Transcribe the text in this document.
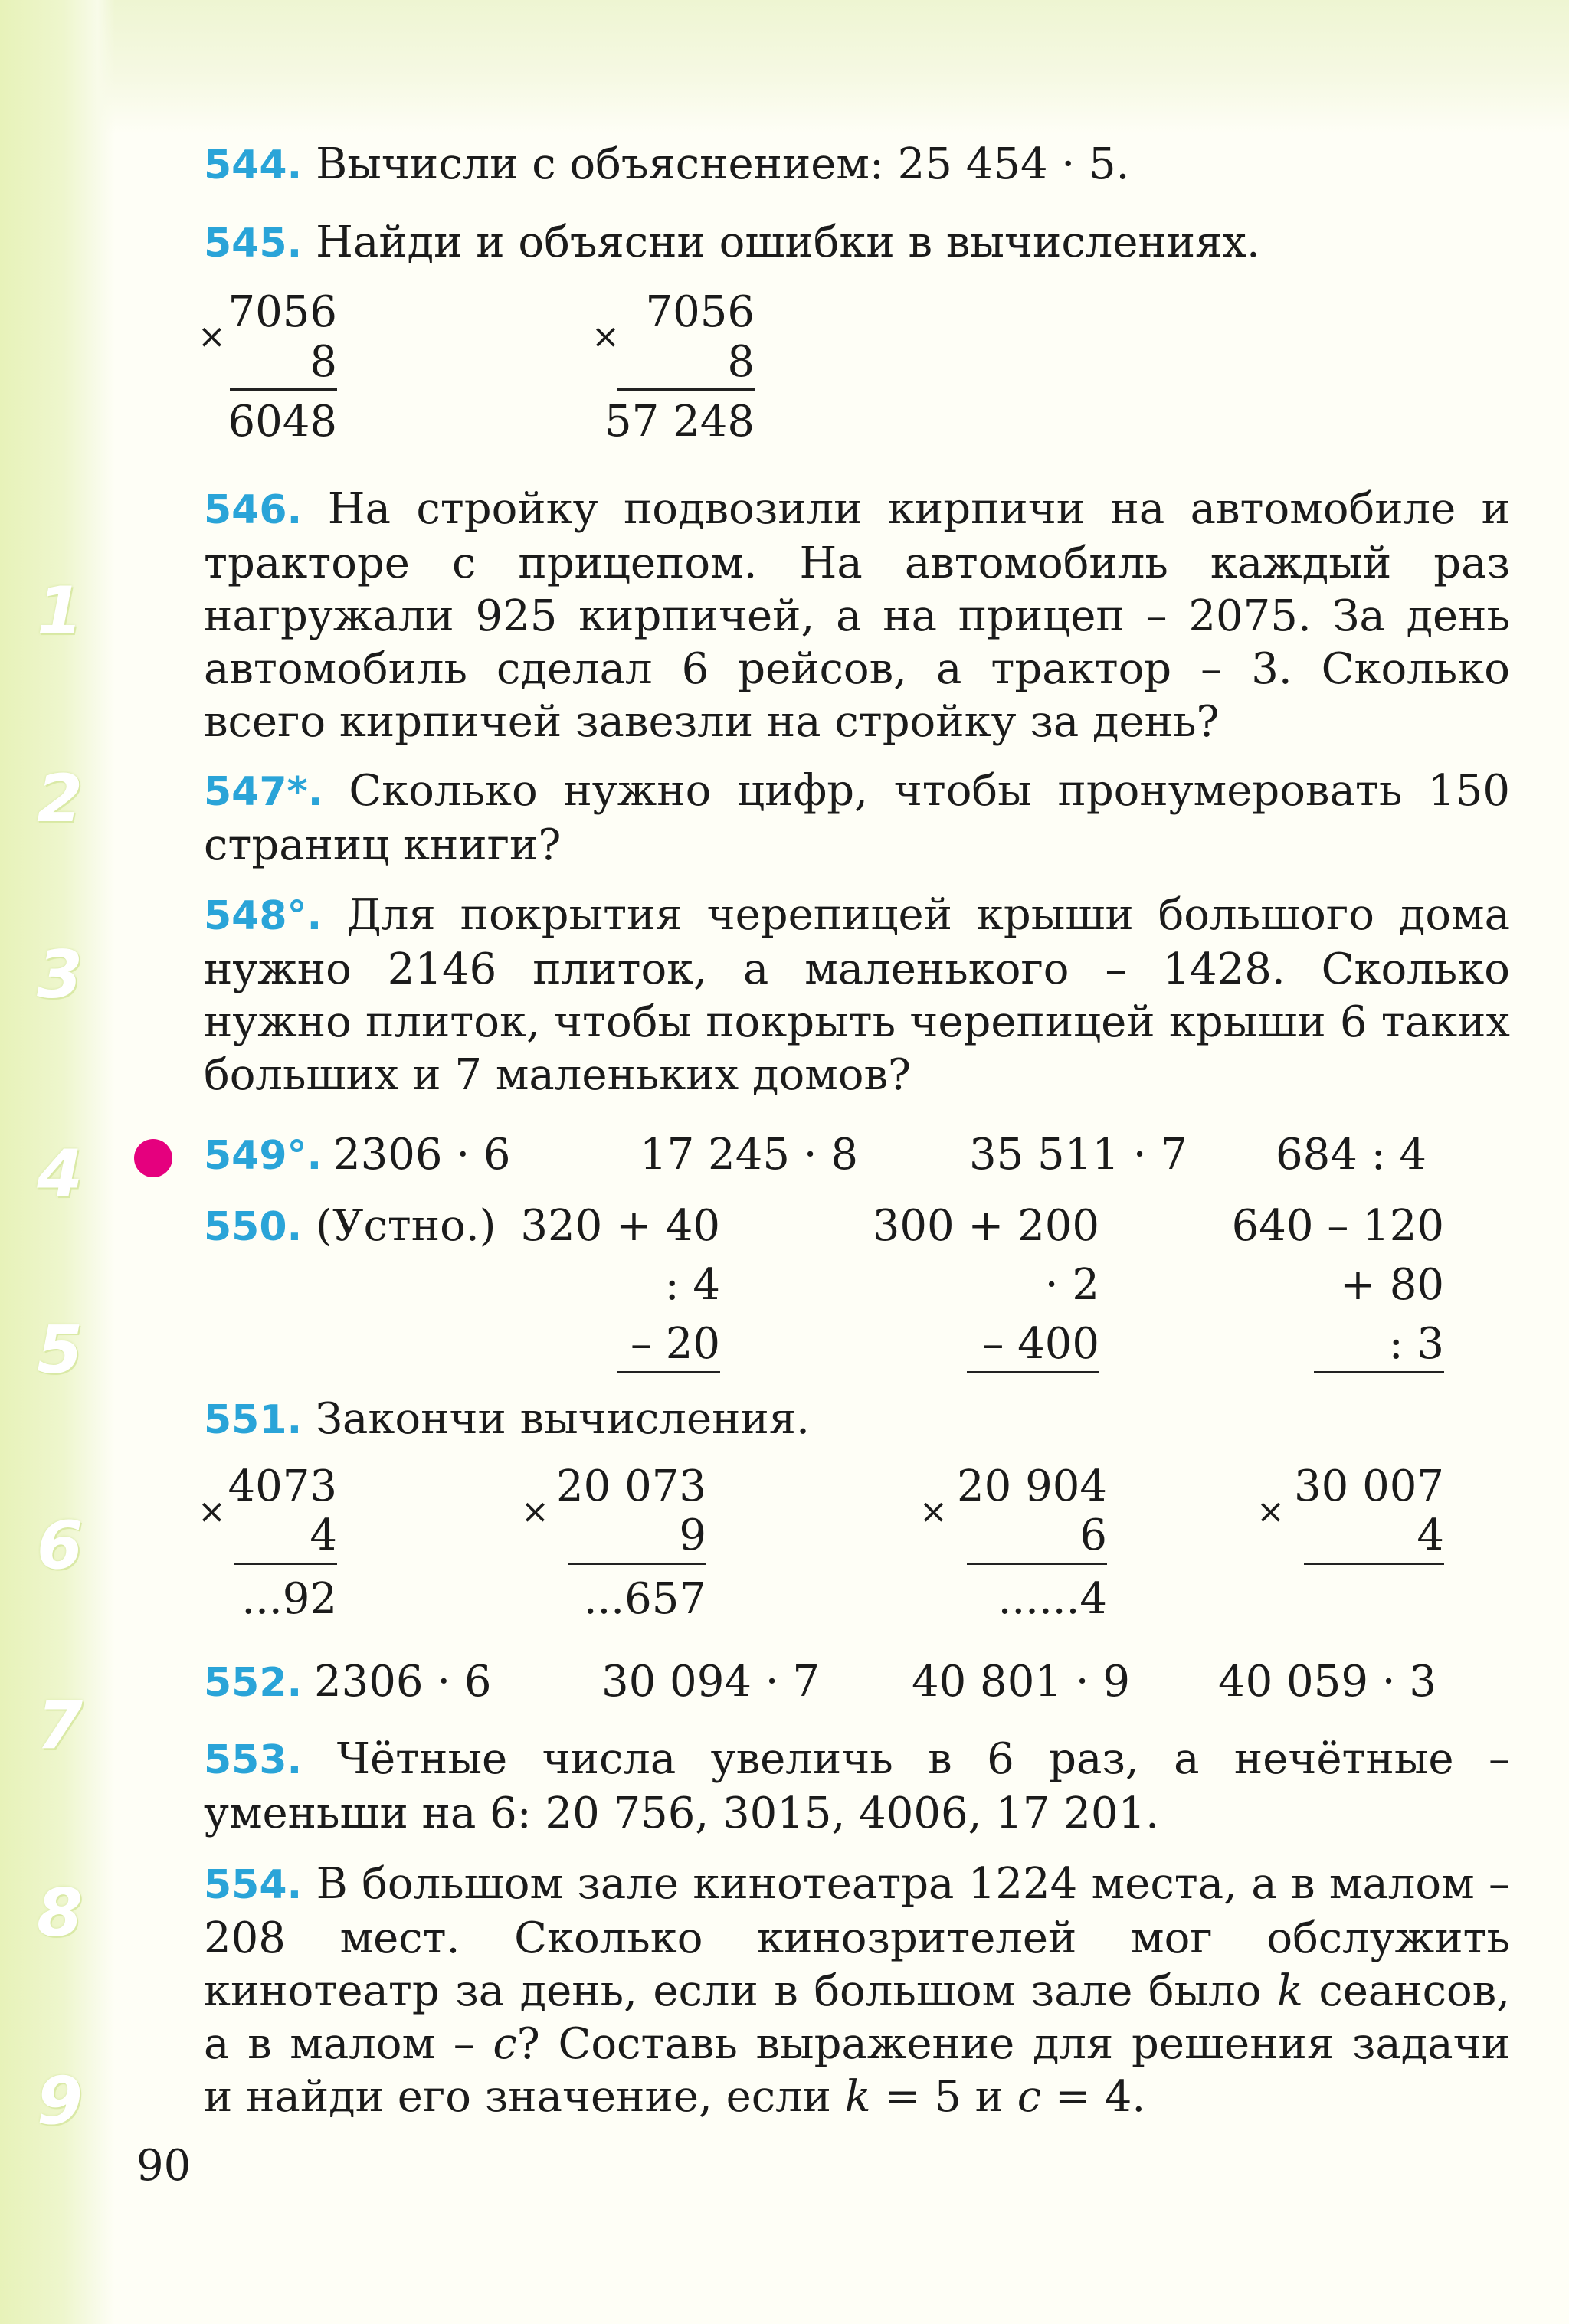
1
2
3
4
5
6
7
8
9

544. Вычисли с объяснением: 25 454 · 5.

545. Найди и объясни ошибки в вычислениях.

× 7056
8
6048
× 7056
8
57 248

546. На стройку подвозили кирпичи на автомобиле и тракторе с прицепом. На автомобиль каждый раз нагружали 925 кирпичей, а на прицеп – 2075. За день автомобиль сделал 6 рейсов, а трактор – 3. Сколько всего кирпичей завезли на стройку за день?

547*. Сколько нужно цифр, чтобы пронумеровать 150 страниц книги?

548°. Для покрытия черепицей крыши большого дома нужно 2146 плиток, а маленького – 1428. Сколько нужно плиток, чтобы покрыть черепицей крыши 6 таких больших и 7 маленьких домов?

549°. 2306 · 6	17 245 · 8	35 511 · 7 684 : 4
550. (Устно.) 320 + 40
: 4
– 20
300 + 200
· 2
– 400
640 – 120
+ 80
: 3

551. Закончи вычисления.

×
4073
4
...92
×
20 073
9
...657
×
20 904
6
......4
×
30 007
4
552. 2306 · 6	30 094 · 7 40 801 · 9 40 059 · 3

553. Чётные числа увеличь в 6 раз, а нечётные – уменьши на 6: 20 756, 3015, 4006, 17 201.

554. В большом зале кинотеатра 1224 места, а в малом – 208 мест. Сколько кинозрителей мог обслужить кинотеатр за день, если в большом зале было k сеансов, а в малом – c? Составь выражение для решения задачи и найди его значение, если k = 5 и c = 4.

90
